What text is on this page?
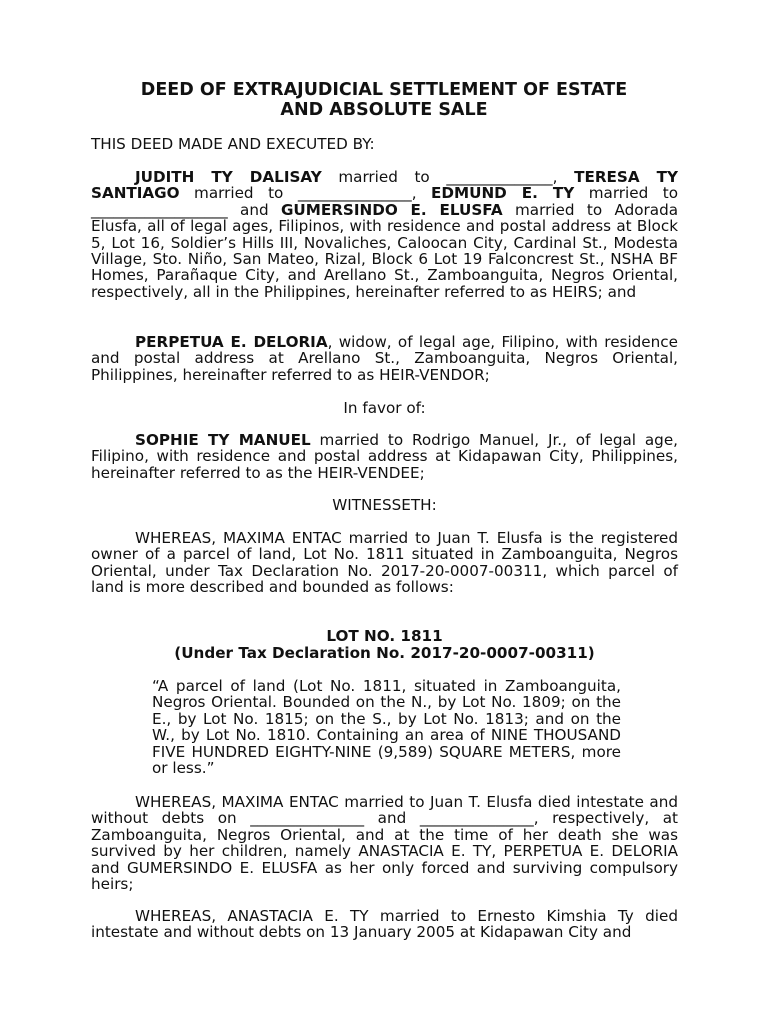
DEED OF EXTRAJUDICIAL SETTLEMENT OF ESTATE
AND ABSOLUTE SALE
THIS DEED MADE AND EXECUTED BY:
JUDITH TY DALISAY married to ______________, TERESA TY SANTIAGO married to _______________, EDMUND E. TY married to __________________ and GUMERSINDO E. ELUSFA married to Adorada Elusfa, all of legal ages, Filipinos, with residence and postal address at Block 5, Lot 16, Soldier’s Hills III, Novaliches, Caloocan City, Cardinal St., Modesta Village, Sto. Niño, San Mateo, Rizal, Block 6 Lot 19 Falconcrest St., NSHA BF Homes, Parañaque City, and Arellano St., Zamboanguita, Negros Oriental, respectively, all in the Philippines, hereinafter referred to as HEIRS; and
PERPETUA E. DELORIA, widow, of legal age, Filipino, with residence and postal address at Arellano St., Zamboanguita, Negros Oriental, Philippines, hereinafter referred to as HEIR-VENDOR;
In favor of:
SOPHIE TY MANUEL married to Rodrigo Manuel, Jr., of legal age, Filipino, with residence and postal address at Kidapawan City, Philippines, hereinafter referred to as the HEIR-VENDEE;
WITNESSETH:
WHEREAS, MAXIMA ENTAC married to Juan T. Elusfa is the registered owner of a parcel of land, Lot No. 1811 situated in Zamboanguita, Negros Oriental, under Tax Declaration No. 2017-20-0007-00311, which parcel of land is more described and bounded as follows:
LOT NO. 1811
(Under Tax Declaration No. 2017-20-0007-00311)
“A parcel of land (Lot No. 1811, situated in Zamboanguita, Negros Oriental. Bounded on the N., by Lot No. 1809; on the E., by Lot No. 1815; on the S., by Lot No. 1813; and on the W., by Lot No. 1810. Containing an area of NINE THOUSAND FIVE HUNDRED EIGHTY-NINE (9,589) SQUARE METERS, more or less.”
WHEREAS, MAXIMA ENTAC married to Juan T. Elusfa died intestate and without debts on _______________ and _______________, respectively, at Zamboanguita, Negros Oriental, and at the time of her death she was survived by her children, namely ANASTACIA E. TY, PERPETUA E. DELORIA and GUMERSINDO E. ELUSFA as her only forced and surviving compulsory heirs;
WHEREAS, ANASTACIA E. TY married to Ernesto Kimshia Ty died intestate and without debts on 13 January 2005 at Kidapawan City and
